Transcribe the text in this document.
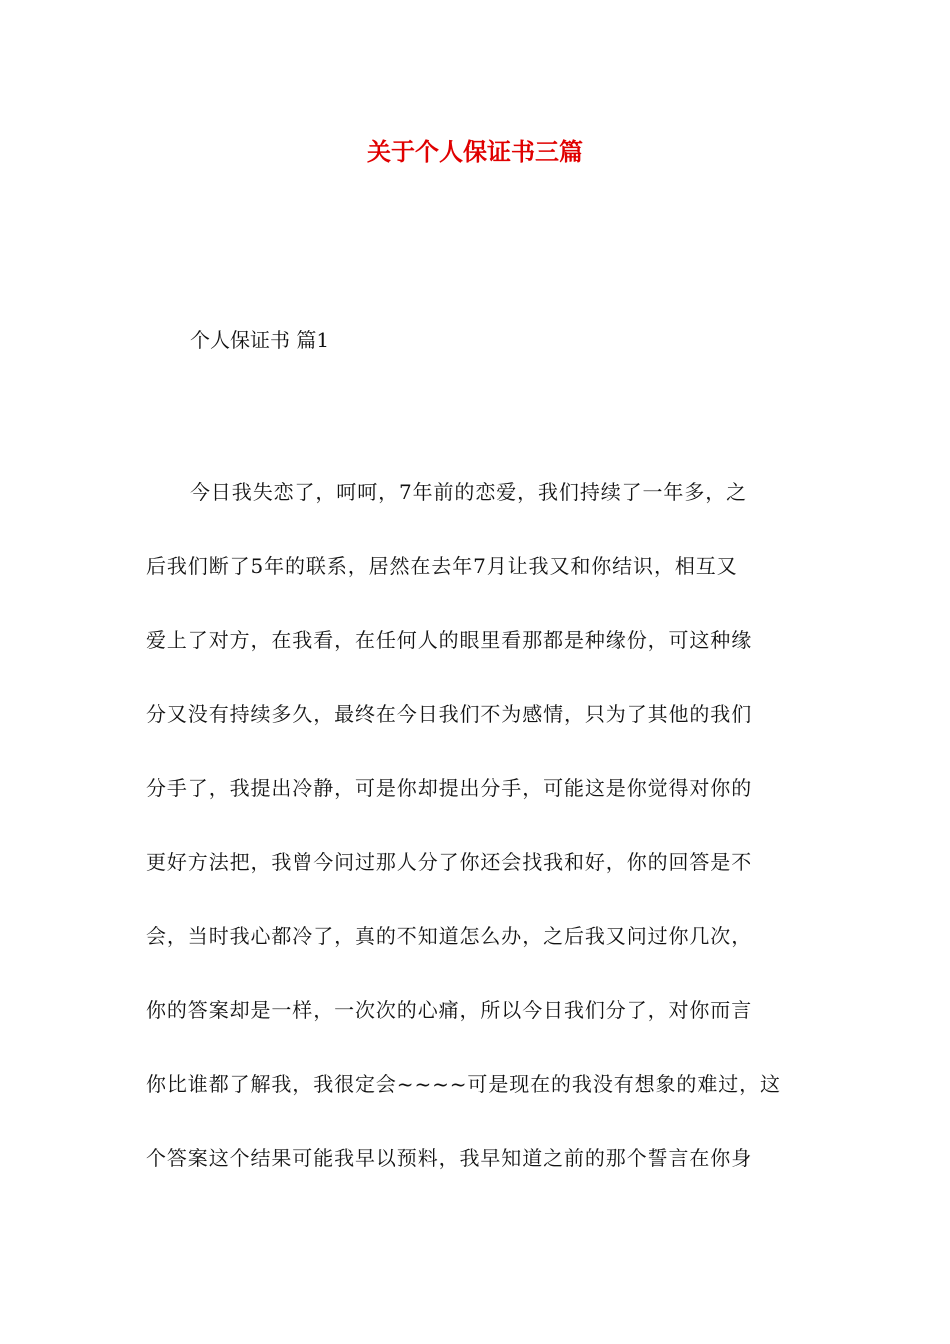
关于个人保证书三篇

个人保证书 篇1

今日我失恋了，呵呵，7年前的恋爱，我们持续了一年多，之
后我们断了5年的联系，居然在去年7月让我又和你结识，相互又
爱上了对方，在我看，在任何人的眼里看那都是种缘份，可这种缘
分又没有持续多久，最终在今日我们不为感情，只为了其他的我们
分手了，我提出冷静，可是你却提出分手，可能这是你觉得对你的
更好方法把，我曾今问过那人分了你还会找我和好，你的回答是不
会，当时我心都冷了，真的不知道怎么办，之后我又问过你几次，
你的答案却是一样，一次次的心痛，所以今日我们分了，对你而言
你比谁都了解我，我很定会~~~~可是现在的我没有想象的难过，这
个答案这个结果可能我早以预料，我早知道之前的那个誓言在你身
